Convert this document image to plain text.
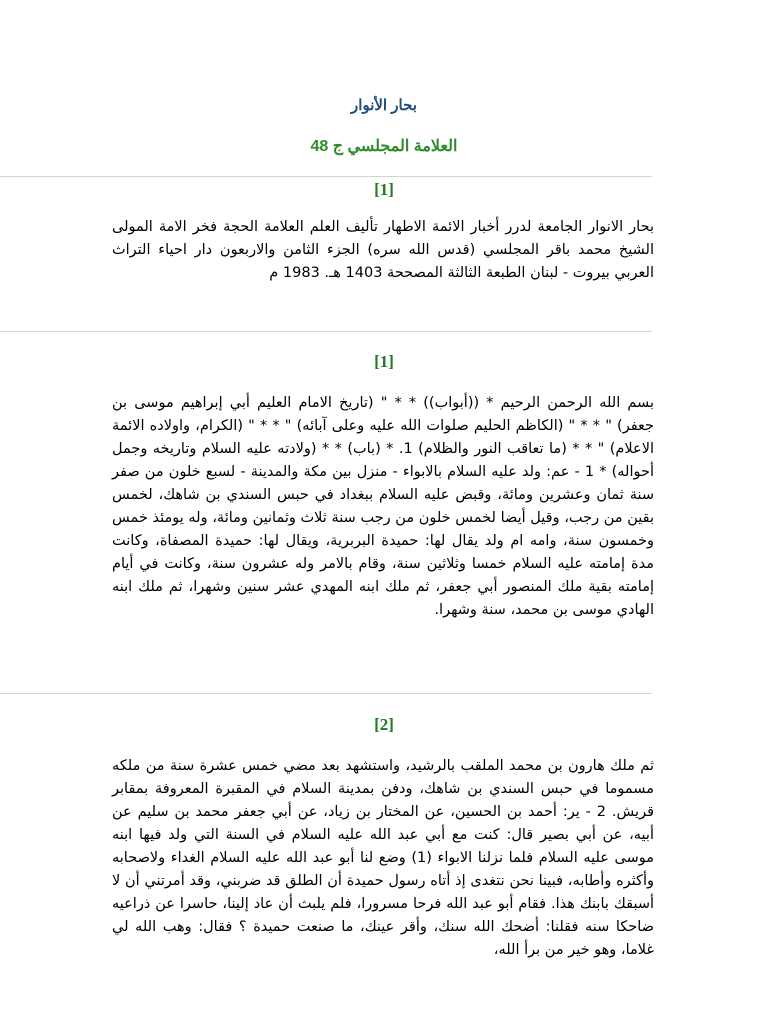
بحار الأنوار
العلامة المجلسي ج 48
[1]
بحار الانوار الجامعة لدرر أخبار الائمة الاطهار تأليف العلم العلامة الحجة فخر الامة المولى الشيخ محمد باقر المجلسي (قدس الله سره) الجزء الثامن والاربعون دار احياء التراث العربي بيروت - لبنان الطبعة الثالثة المصححة 1403 هـ. 1983 م
[1]
بسم الله الرحمن الرحيم * ((أبواب)) * * " (تاريخ الامام العليم أبي إبراهيم موسى بن جعفر) " * * " (الكاظم الحليم صلوات الله عليه وعلى آبائه) " * * " (الكرام، واولاده الائمة الاعلام) " * * (ما تعاقب النور والظلام) 1. * (باب) * * (ولادته عليه السلام وتاريخه وجمل أحواله) * 1 - عم: ولد عليه السلام بالابواء - منزل بين مكة والمدينة - لسبع خلون من صفر سنة ثمان وعشرين ومائة، وقبض عليه السلام ببغداد في حبس السندي بن شاهك، لخمس بقين من رجب، وقيل أيضا لخمس خلون من رجب سنة ثلاث وثمانين ومائة، وله يومئذ خمس وخمسون سنة، وامه ام ولد يقال لها: حميدة البربرية، ويقال لها: حميدة المصفاة، وكانت مدة إمامته عليه السلام خمسا وثلاثين سنة، وقام بالامر وله عشرون سنة، وكانت في أيام إمامته بقية ملك المنصور أبي جعفر، ثم ملك ابنه المهدي عشر سنين وشهرا، ثم ملك ابنه الهادي موسى بن محمد، سنة وشهرا.
[2]
ثم ملك هارون بن محمد الملقب بالرشيد، واستشهد بعد مضي خمس عشرة سنة من ملكه مسموما في حبس السندي بن شاهك، ودفن بمدينة السلام في المقبرة المعروفة بمقابر قريش. 2 - ير: أحمد بن الحسين، عن المختار بن زياد، عن أبي جعفر محمد بن سليم عن أبيه، عن أبي بصير قال: كنت مع أبي عبد الله عليه السلام في السنة التي ولد فيها ابنه موسى عليه السلام فلما نزلنا الابواء (1) وضع لنا أبو عبد الله عليه السلام الغداء ولاصحابه وأكثره وأطابه، فبينا نحن نتغدى إذ أتاه رسول حميدة أن الطلق قد ضربني، وقد أمرتني أن لا أسبقك بابنك هذا. فقام أبو عبد الله فرحا مسرورا، فلم يلبث أن عاد إلينا، حاسرا عن ذراعيه ضاحكا سنه فقلنا: أضحك الله سنك، وأقر عينك، ما صنعت حميدة ؟ فقال: وهب الله لي غلاما، وهو خير من برأ الله،
